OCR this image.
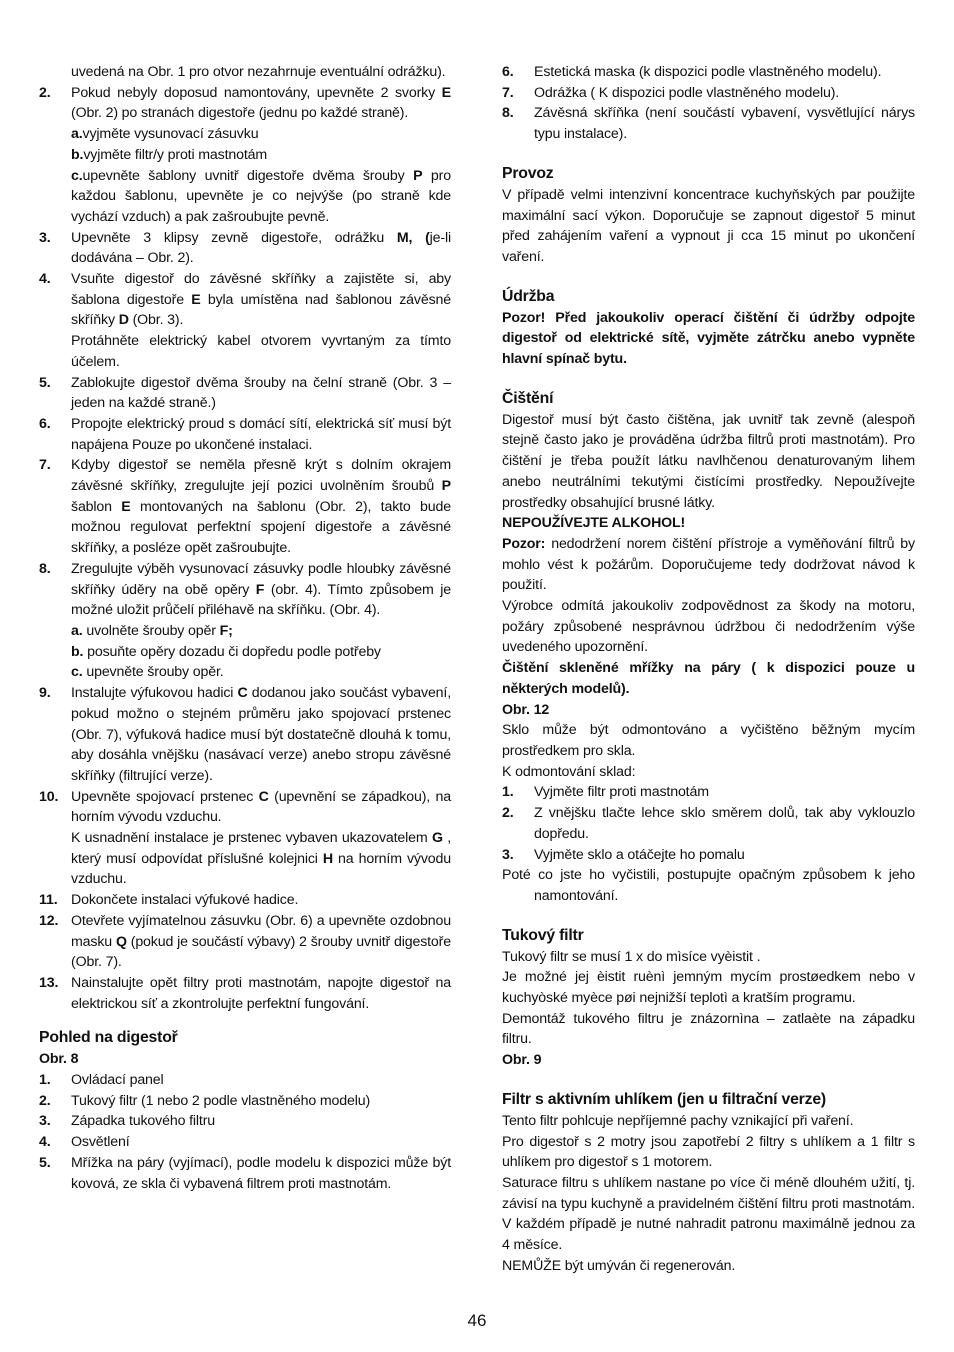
uvedená na Obr. 1 pro otvor nezahrnuje eventuální odrážku).

2.	Pokud nebyly doposud namontovány, upevněte 2 svorky E (Obr. 2) po stranách digestoře (jednu po každé straně).

a.vyjměte vysunovací zásuvku

b.vyjměte filtr/y proti mastnotám

c.upevněte šablony uvnitř digestoře dvěma šrouby P pro každou šablonu, upevněte je co nejvýše (po straně kde vychází vzduch) a pak zašroubujte pevně.

3.	Upevněte 3 klipsy zevně digestoře, odrážku M, (je-li dodávána – Obr. 2).
4.	Vsuňte digestoř do závěsné skříňky a zajistěte si, aby šablona digestoře E byla umístěna nad šablonou závěsné skříňky D (Obr. 3).

Protáhněte elektrický kabel otvorem vyvrtaným za tímto účelem.

5.	Zablokujte digestoř dvěma šrouby na čelní straně (Obr. 3 – jeden na každé straně.)
6.	Propojte elektrický proud s domácí sítí, elektrická síť musí být napájena Pouze po ukončené instalaci.
7.	Kdyby digestoř se neměla přesně krýt s dolním okrajem závěsné skříňky, zregulujte její pozici uvolněním šroubů P šablon E montovaných na šablonu (Obr. 2), takto bude možnou regulovat perfektní spojení digestoře a závěsné skříňky, a posléze opět zašroubujte.
8.	Zregulujte výběh vysunovací zásuvky podle hloubky závěsné skříňky úděry na obě opěry F (obr. 4). Tímto způsobem je možné uložit průčelí přiléhavě na skříňku. (Obr. 4).

a. uvolněte šrouby opěr F;

b. posuňte opěry dozadu či dopředu podle potřeby

c. upevněte šrouby opěr.

9.	Instalujte výfukovou hadici C dodanou jako součást vybavení, pokud možno o stejném průměru jako spojovací prstenec (Obr. 7), výfuková hadice musí být dostatečně dlouhá k tomu, aby dosáhla vnějšku (nasávací verze) anebo stropu závěsné skříňky (filtrující verze).
10. Upevněte spojovací prstenec C (upevnění se západkou), na horním vývodu vzduchu.

K usnadnění instalace je prstenec vybaven ukazovatelem G , který musí odpovídat příslušné kolejnici H na horním vývodu vzduchu.

11. Dokončete instalaci výfukové hadice.
12. Otevřete vyjímatelnou zásuvku (Obr. 6) a upevněte ozdobnou masku Q (pokud je součástí výbavy) 2 šrouby uvnitř digestoře (Obr. 7).
13. Nainstalujte opět filtry proti mastnotám, napojte digestoř na elektrickou síť a zkontrolujte perfektní fungování.
Pohled na digestoř

Obr. 8

1.	Ovládací panel
2.	Tukový filtr (1 nebo 2 podle vlastněného modelu)
3.	Západka tukového filtru
4.	Osvětlení
5.	Mřížka na páry (vyjímací), podle modelu k dispozici může být kovová, ze skla či vybavená filtrem proti mastnotám.
6.	Estetická maska (k dispozici podle vlastněného modelu).
7.	Odrážka ( K dispozici podle vlastněného modelu).
8.	Závěsná skříňka (není součástí vybavení, vysvětlující nárys typu instalace).
Provoz

V případě velmi intenzivní koncentrace kuchyňských par použijte maximální sací výkon. Doporučuje se zapnout digestoř 5 minut před zahájením vaření a vypnout ji cca 15 minut po ukončení vaření.

Údržba

Pozor! Před jakoukoliv operací čištění či údržby odpojte digestoř od elektrické sítě, vyjměte zátrčku anebo vypněte hlavní spínač bytu.

Čištění

Digestoř musí být často čištěna, jak uvnitř tak zevně (alespoň stejně často jako je prováděna údržba filtrů proti mastnotám). Pro čištění je třeba použít látku navlhčenou denaturovaným lihem anebo neutrálními tekutými čistícími prostředky. Nepoužívejte prostředky obsahující brusné látky.

NEPOUŽÍVEJTE ALKOHOL!

Pozor: nedodržení norem čištění přístroje a vyměňování filtrů by mohlo vést k požárům. Doporučujeme tedy dodržovat návod k použití.

Výrobce odmítá jakoukoliv zodpovědnost za škody na motoru, požáry způsobené nesprávnou údržbou či nedodržením výše uvedeného upozornění.

Čištění skleněné mřížky na páry ( k dispozici pouze u některých modelů).

Obr. 12

Sklo může být odmontováno a vyčištěno běžným mycím prostředkem pro skla.

K odmontování sklad:

1.	Vyjměte filtr proti mastnotám
2.	Z vnějšku tlačte lehce sklo směrem dolů, tak aby vyklouzlo dopředu.
3.	Vyjměte sklo a otáčejte ho pomalu

Poté co jste ho vyčistili, postupujte opačným způsobem k jeho namontování.

Tukový filtr

Tukový filtr se musí 1 x do mìsíce vyèistit .

Je možné jej èistit ruènì jemným mycím prostøedkem nebo v kuchyòské myèce pøi nejnižší teplotì a kratším programu.

Demontáž tukového filtru je znázornìna – zatlaète na západku filtru.

Obr. 9

Filtr s aktivním uhlíkem (jen u filtrační verze)

Tento filtr pohlcuje nepříjemné pachy vznikající při vaření.

Pro digestoř s 2 motry jsou zapotřebí 2 filtry s uhlíkem a 1 filtr s uhlíkem pro digestoř s 1 motorem.

Saturace filtru s uhlíkem nastane po více či méně dlouhém užití, tj. závisí na typu kuchyně a pravidelném čištění filtru proti mastnotám. V každém případě je nutné nahradit patronu maximálně jednou za 4 měsíce.

NEMŮŽE být umýván či regenerován.

46
